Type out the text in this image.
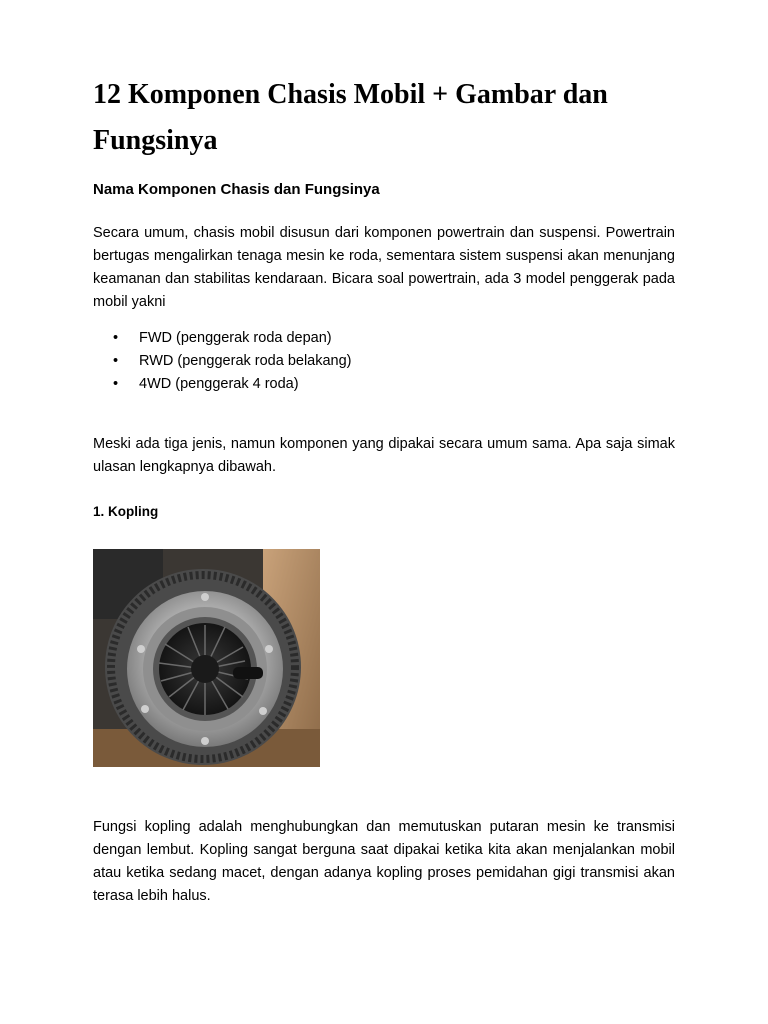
12 Komponen Chasis Mobil + Gambar dan
Fungsinya
Nama Komponen Chasis dan Fungsinya

Secara umum, chasis mobil disusun dari komponen powertrain dan suspensi. Powertrain bertugas mengalirkan tenaga mesin ke roda, sementara sistem suspensi akan menunjang keamanan dan stabilitas kendaraan. Bicara soal powertrain, ada 3 model penggerak pada mobil yakni

• FWD (penggerak roda depan)
• RWD (penggerak roda belakang)
• 4WD (penggerak 4 roda)

Meski ada tiga jenis, namun komponen yang dipakai secara umum sama. Apa saja simak ulasan lengkapnya dibawah.

1. Kopling

Fungsi kopling adalah menghubungkan dan memutuskan putaran mesin ke transmisi dengan lembut. Kopling sangat berguna saat dipakai ketika kita akan menjalankan mobil atau ketika sedang macet, dengan adanya kopling proses pemidahan gigi transmisi akan terasa lebih halus.
